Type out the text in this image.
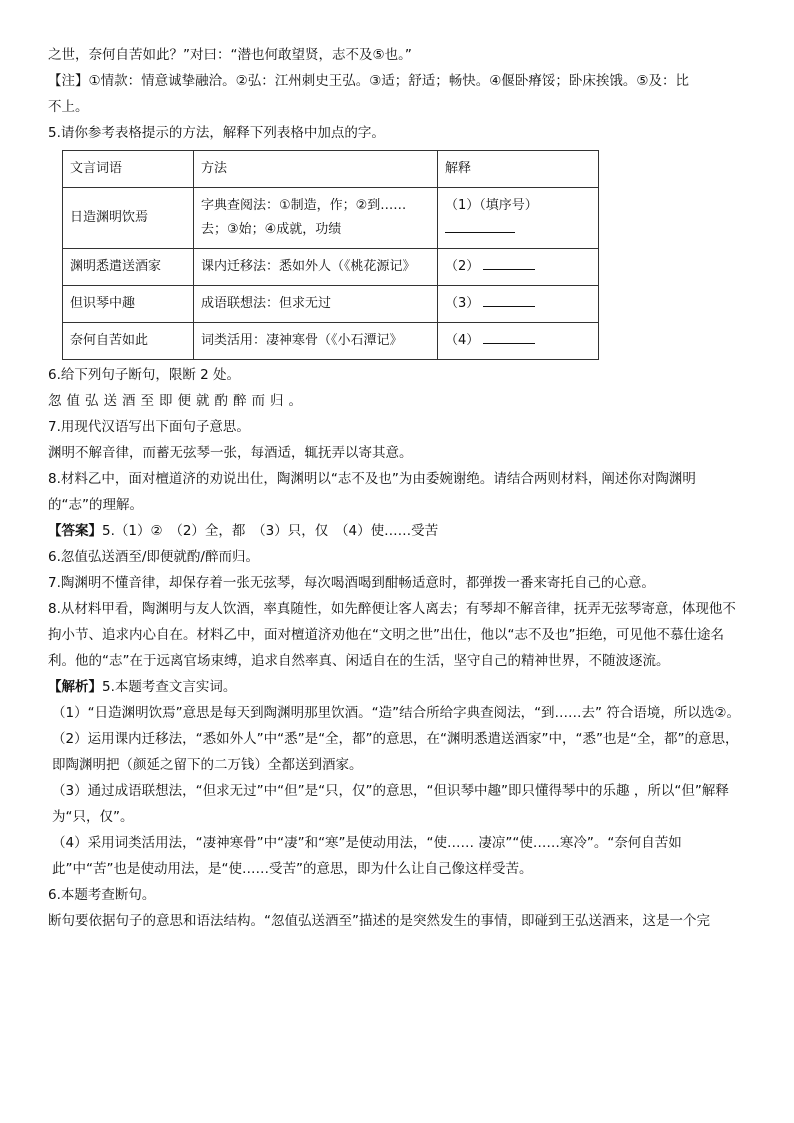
之世，奈何自苦如此？”对曰：“潜也何敢望贤，志不及⑤也。”
【注】①情款：情意诚挚融洽。②弘：江州刺史王弘。③适；舒适；畅快。④偃卧瘠馁；卧床挨饿。⑤及：比
不上。
5.请你参考表格提示的方法，解释下列表格中加点的字。
文言词语	方法	解释
日造渊明饮焉	字典查阅法：①制造，作；②到……去；③始；④成就，功绩	（1）（填序号）

渊明悉遣送酒家	课内迁移法：悉如外人（《桃花源记》	（2）
但识琴中趣	成语联想法：但求无过	（3）
奈何自苦如此	词类活用：凄神寒骨（《小石潭记》	（4）
6.给下列句子断句，限断 2 处。
忽值弘送酒至即便就酌醉而归。
7.用现代汉语写出下面句子意思。
渊明不解音律，而蓄无弦琴一张，每酒适，辄抚弄以寄其意。
8.材料乙中，面对檀道济的劝说出仕，陶渊明以“志不及也”为由委婉谢绝。请结合两则材料，阐述你对陶渊明的“志”的理解。
【答案】5.（1）②　（2）全，都　（3）只，仅　（4）使……受苦
6.忽值弘送酒至/即便就酌/醉而归。
7.陶渊明不懂音律，却保存着一张无弦琴，每次喝酒喝到酣畅适意时，都弹拨一番来寄托自己的心意。
8.从材料甲看，陶渊明与友人饮酒，率真随性，如先醉便让客人离去；有琴却不解音律，抚弄无弦琴寄意，体现他不拘小节、追求内心自在。材料乙中，面对檀道济劝他在“文明之世”出仕，他以“志不及也”拒绝，可见他不慕仕途名利。他的“志”在于远离官场束缚，追求自然率真、闲适自在的生活，坚守自己的精神世界，不随波逐流。
【解析】5.本题考查文言实词。
（1）“日造渊明饮焉”意思是每天到陶渊明那里饮酒。“造”结合所给字典查阅法，“到……去” 符合语境，所以选②。
（2）运用课内迁移法，“悉如外人”中“悉”是“全，都”的意思，在“渊明悉遣送酒家”中，“悉”也是“全，都”的意思，即陶渊明把（颜延之留下的二万钱）全都送到酒家。
（3）通过成语联想法，“但求无过”中“但”是“只，仅”的意思，“但识琴中趣”即只懂得琴中的乐趣 ，所以“但”解释为“只，仅”。
（4）采用词类活用法，“凄神寒骨”中“凄”和“寒”是使动用法，“使…… 凄凉”“使……寒冷”。“奈何自苦如此”中“苦”也是使动用法，是“使……受苦”的意思，即为什么让自己像这样受苦。
6.本题考查断句。
断句要依据句子的意思和语法结构。“忽值弘送酒至”描述的是突然发生的事情，即碰到王弘送酒来，这是一个完
